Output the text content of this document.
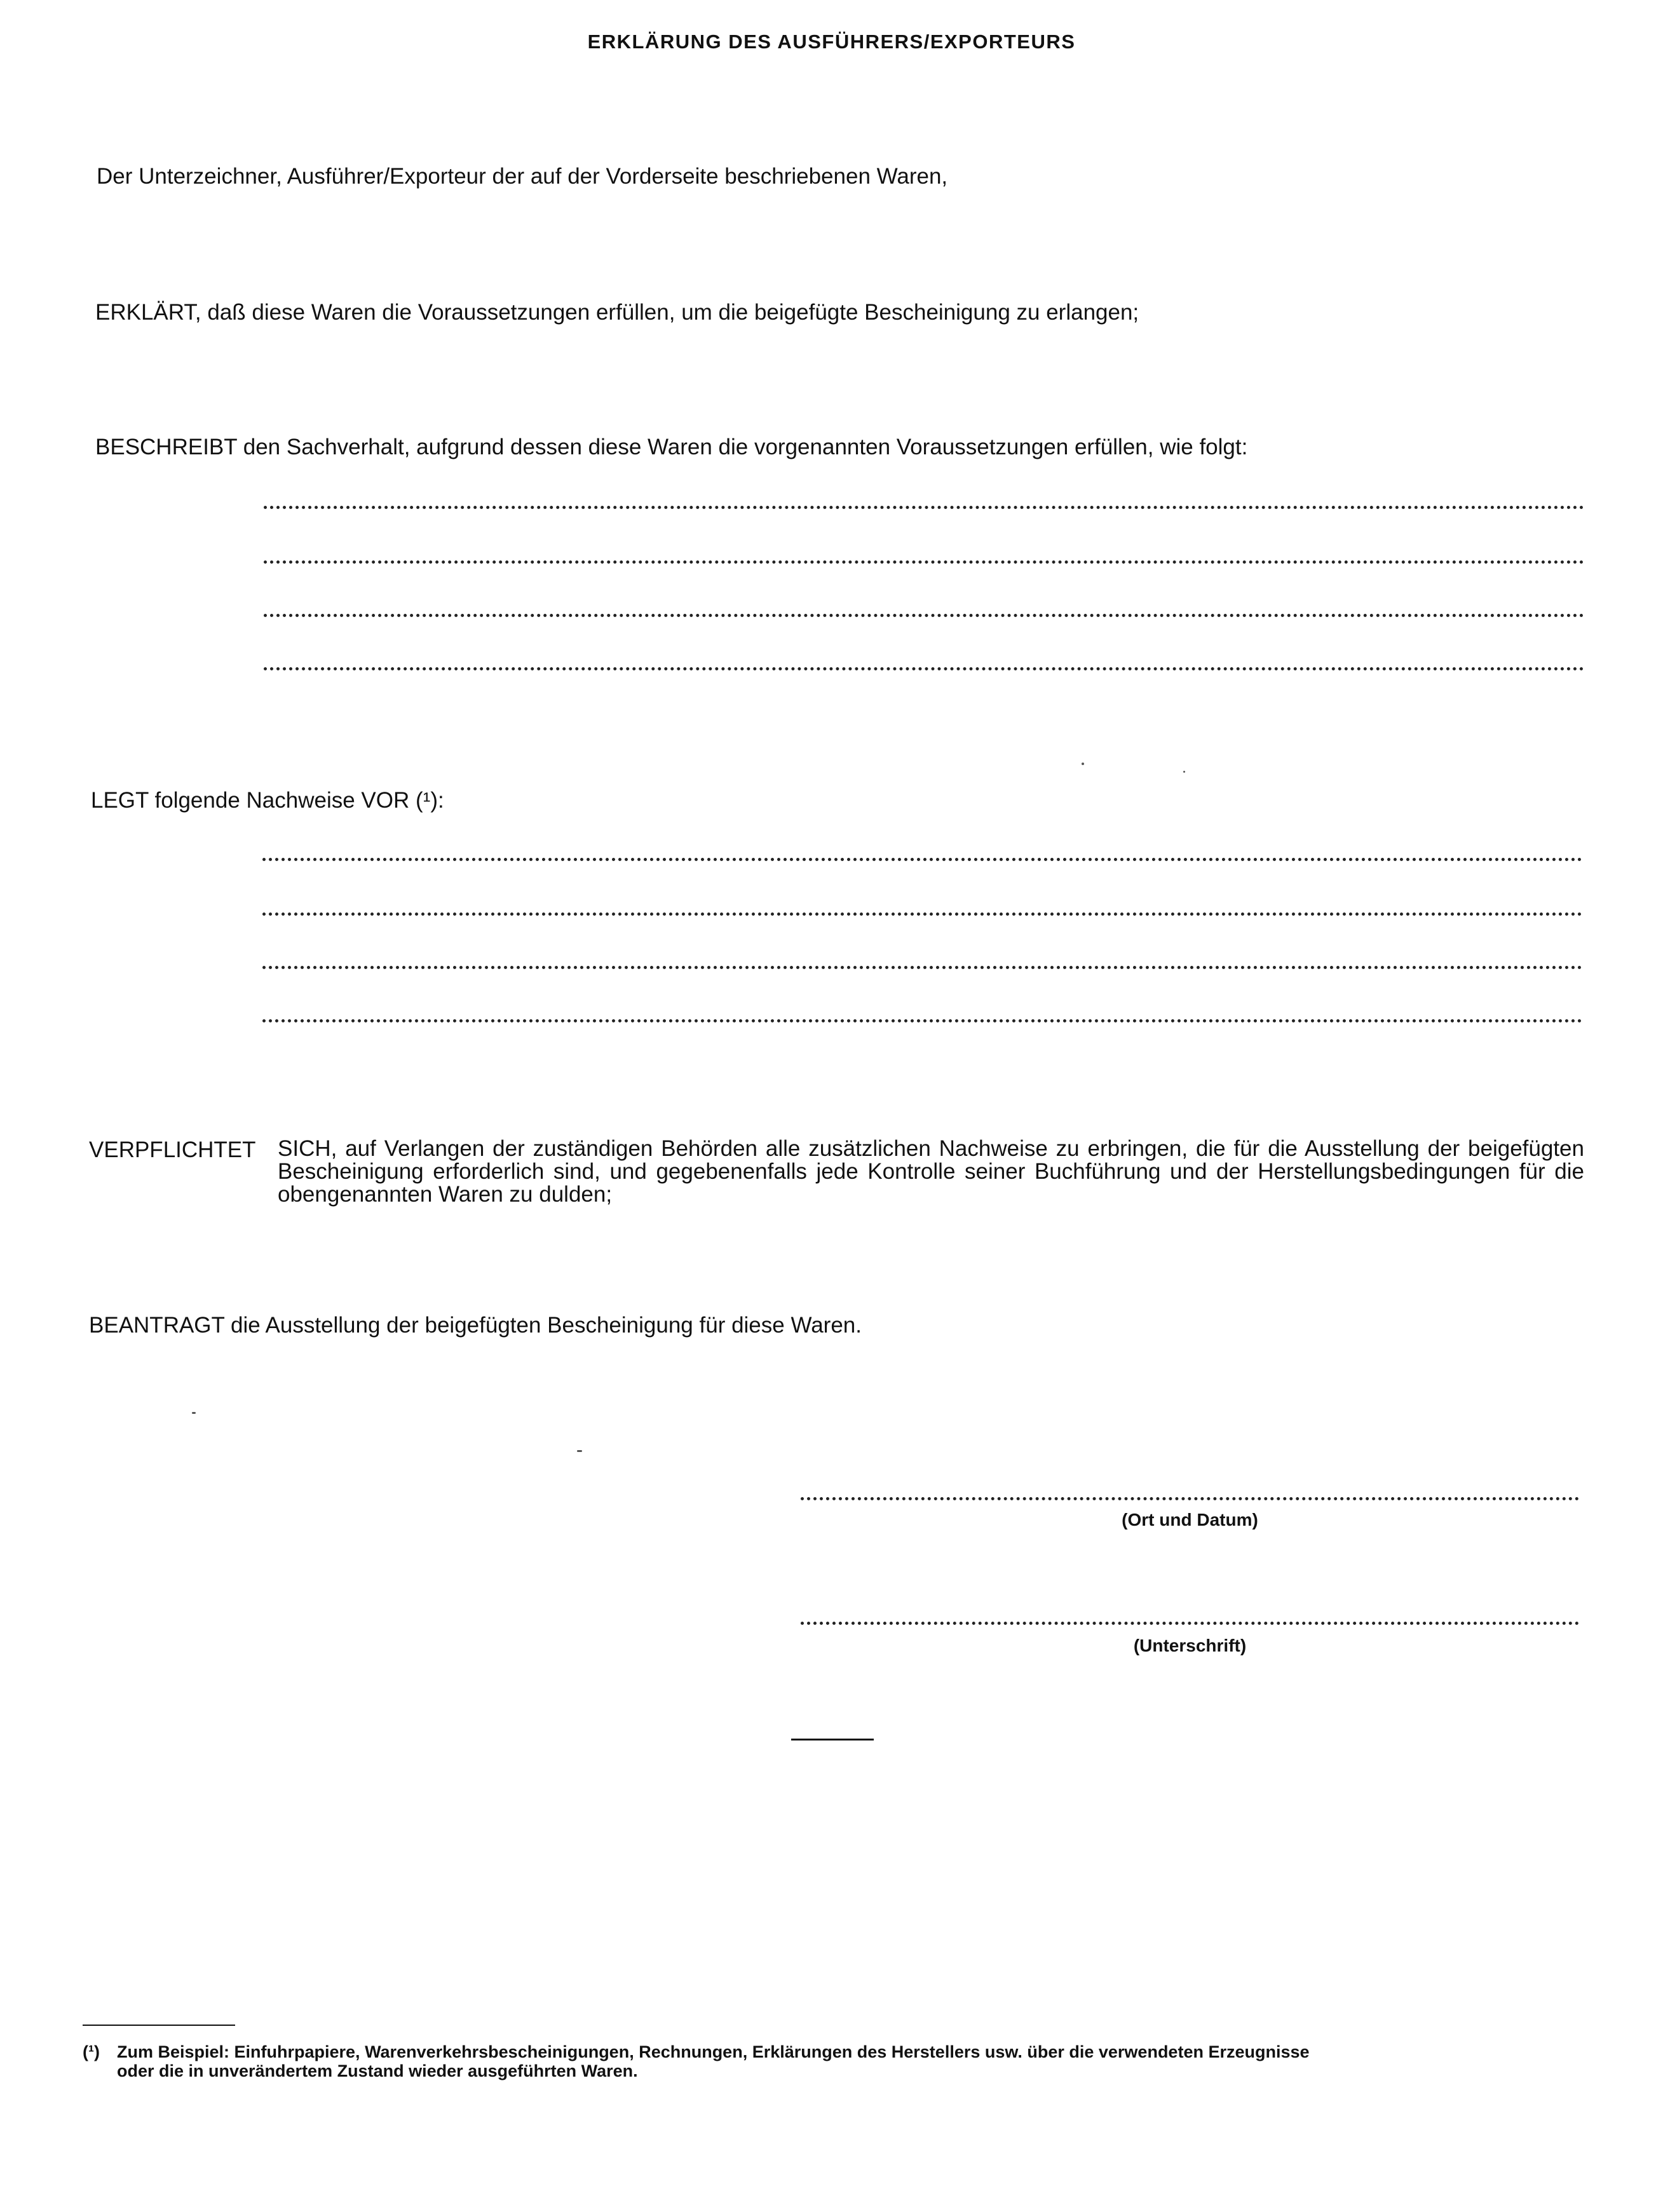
ERKLÄRUNG DES AUSFÜHRERS/EXPORTEURS
Der Unterzeichner, Ausführer/Exporteur der auf der Vorderseite beschriebenen Waren,
ERKLÄRT, daß diese Waren die Voraussetzungen erfüllen, um die beigefügte Bescheinigung zu erlangen;
BESCHREIBT den Sachverhalt, aufgrund dessen diese Waren die vorgenannten Voraussetzungen erfüllen, wie folgt:
LEGT folgende Nachweise VOR (¹):
VERPFLICHTET SICH, auf Verlangen der zuständigen Behörden alle zusätzlichen Nachweise zu erbringen, die für die Ausstellung der beigefügten Bescheinigung erforderlich sind, und gegebenenfalls jede Kontrolle seiner Buchführung und der Herstellungsbedingungen für die obengenannten Waren zu dulden;
BEANTRAGT die Ausstellung der beigefügten Bescheinigung für diese Waren.
(Ort und Datum)
(Unterschrift)
(¹) Zum Beispiel: Einfuhrpapiere, Warenverkehrsbescheinigungen, Rechnungen, Erklärungen des Herstellers usw. über die verwendeten Erzeugnisse
oder die in unverändertem Zustand wieder ausgeführten Waren.
